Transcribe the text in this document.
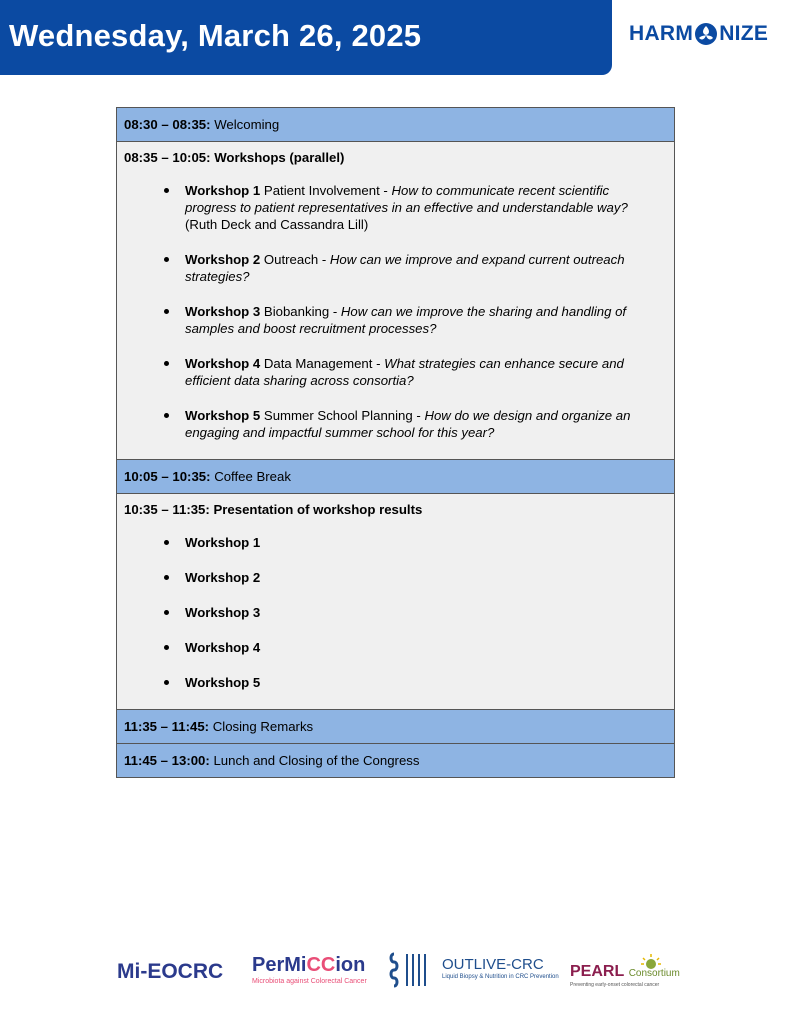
Wednesday, March 26, 2025	HARM NIZE
08:30 – 08:35: Welcoming

08:35 – 10:05: Workshops (parallel)
Workshop 1 Patient Involvement - How to communicate recent scientific progress to patient representatives in an effective and understandable way?
(Ruth Deck and Cassandra Lill)
Workshop 2 Outreach - How can we improve and expand current outreach strategies?
Workshop 3 Biobanking - How can we improve the sharing and handling of samples and boost recruitment processes?
Workshop 4 Data Management - What strategies can enhance secure and efficient data sharing across consortia?
Workshop 5 Summer School Planning - How do we design and organize an engaging and impactful summer school for this year?

10:05 – 10:35: Coffee Break

10:35 – 11:35: Presentation of workshop results
Workshop 1
Workshop 2
Workshop 3
Workshop 4
Workshop 5

11:35 – 11:45: Closing Remarks

11:45 – 13:00: Lunch and Closing of the Congress
Mi-EOCRC PerMiCCion
Microbiota against Colorectal Cancer
OUTLIVE-CRC
Liquid Biopsy & Nutrition in CRC Prevention PEARL Consortium
Preventing early-onset colorectal cancer
